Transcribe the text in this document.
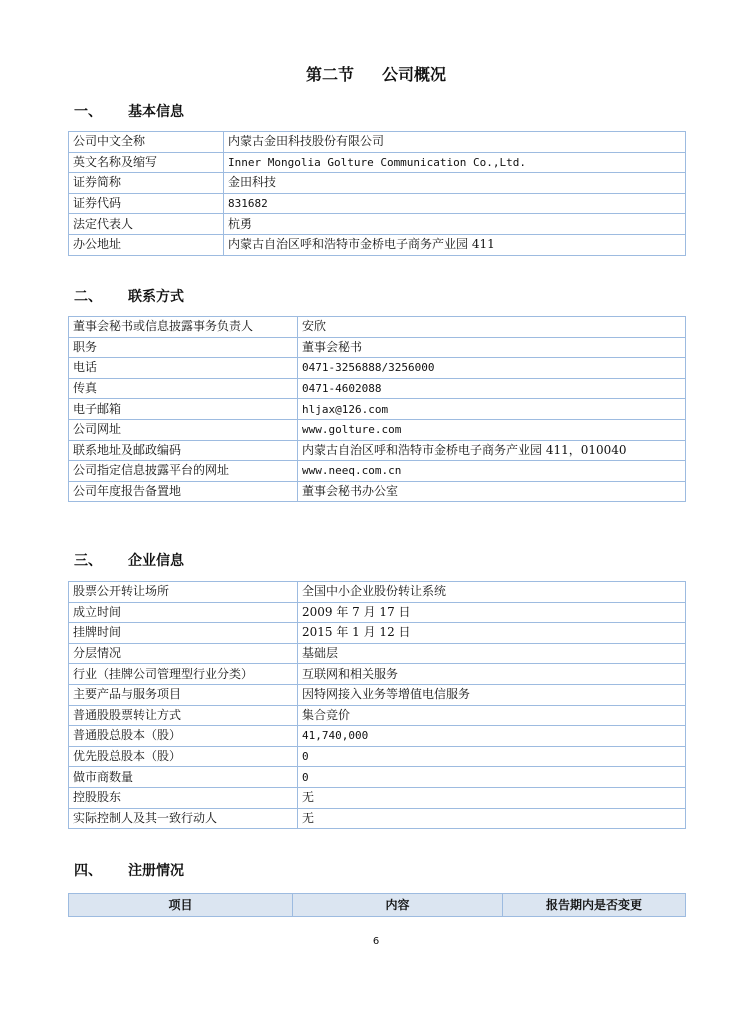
第二节 公司概况
一、 基本信息
公司中文全称	内蒙古金田科技股份有限公司
英文名称及缩写	Inner Mongolia Golture Communication Co.,Ltd.
证券简称	金田科技
证券代码	831682
法定代表人	杭勇
办公地址	内蒙古自治区呼和浩特市金桥电子商务产业园 411
二、 联系方式
董事会秘书或信息披露事务负责人	安欣
职务	董事会秘书
电话	0471-3256888/3256000
传真	0471-4602088
电子邮箱	hljax@126.com
公司网址	www.golture.com
联系地址及邮政编码	内蒙古自治区呼和浩特市金桥电子商务产业园 411，010040
公司指定信息披露平台的网址	www.neeq.com.cn
公司年度报告备置地	董事会秘书办公室
三、 企业信息
股票公开转让场所	全国中小企业股份转让系统
成立时间	2009 年 7 月 17 日
挂牌时间	2015 年 1 月 12 日
分层情况	基础层
行业（挂牌公司管理型行业分类）	互联网和相关服务
主要产品与服务项目	因特网接入业务等增值电信服务
普通股股票转让方式	集合竞价
普通股总股本（股）	41,740,000
优先股总股本（股）	0
做市商数量	0
控股股东	无
实际控制人及其一致行动人	无
四、 注册情况
项目	内容	报告期内是否变更
6
